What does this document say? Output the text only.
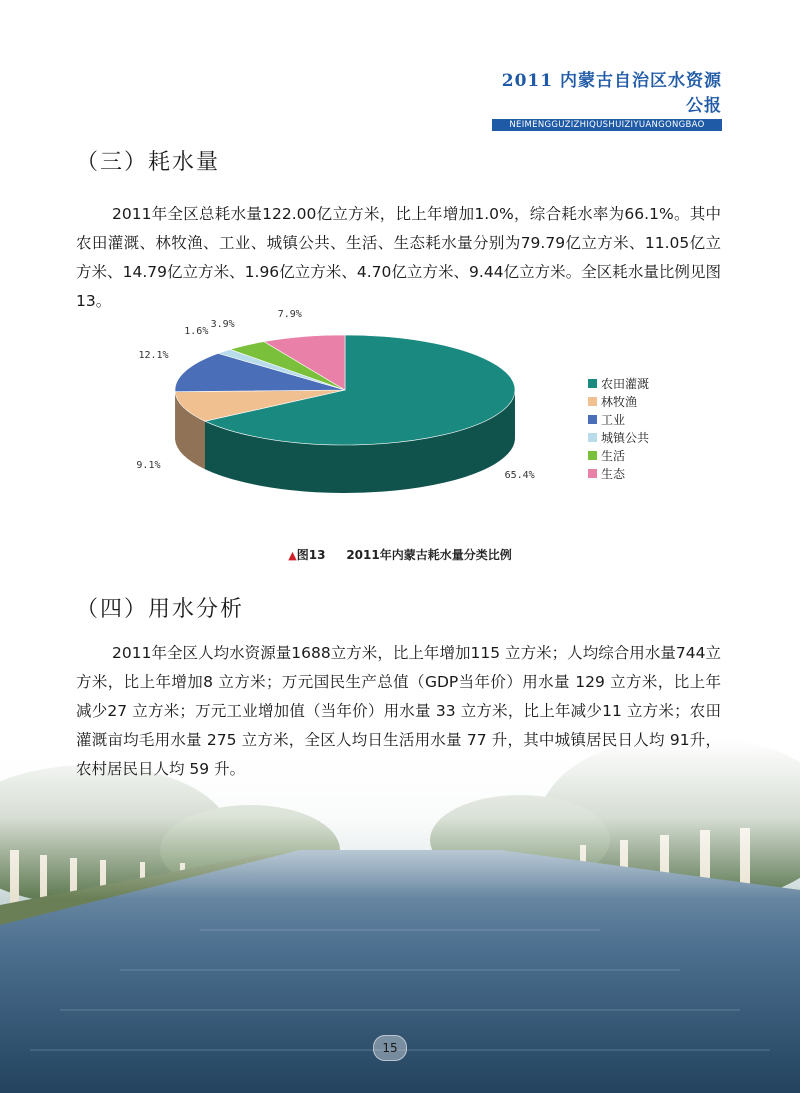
2011 内蒙古自治区水资源公报
NEIMENGGUZIZHIQUSHUIZIYUANGONGBAO
（三）耗水量

2011年全区总耗水量122.00亿立方米，比上年增加1.0%，综合耗水率为66.1%。其中农田灌溉、林牧渔、工业、城镇公共、生活、生态耗水量分别为79.79亿立方米、11.05亿立方米、14.79亿立方米、1.96亿立方米、4.70亿立方米、9.44亿立方米。全区耗水量比例见图13。

65.4%
9.1%
12.1%
1.6%
3.9%
7.9%
农田灌溉
林牧渔
工业
城镇公共
生活
生态
▲图13 2011年内蒙古耗水量分类比例
（四）用水分析

2011年全区人均水资源量1688立方米，比上年增加115 立方米；人均综合用水量744立方米，比上年增加8 立方米；万元国民生产总值（GDP当年价）用水量 129 立方米，比上年减少27 立方米；万元工业增加值（当年价）用水量 33 立方米，比上年减少11 立方米；农田灌溉亩均毛用水量 275 立方米，全区人均日生活用水量 77 升，其中城镇居民日人均 91升，农村居民日人均 59 升。

15
